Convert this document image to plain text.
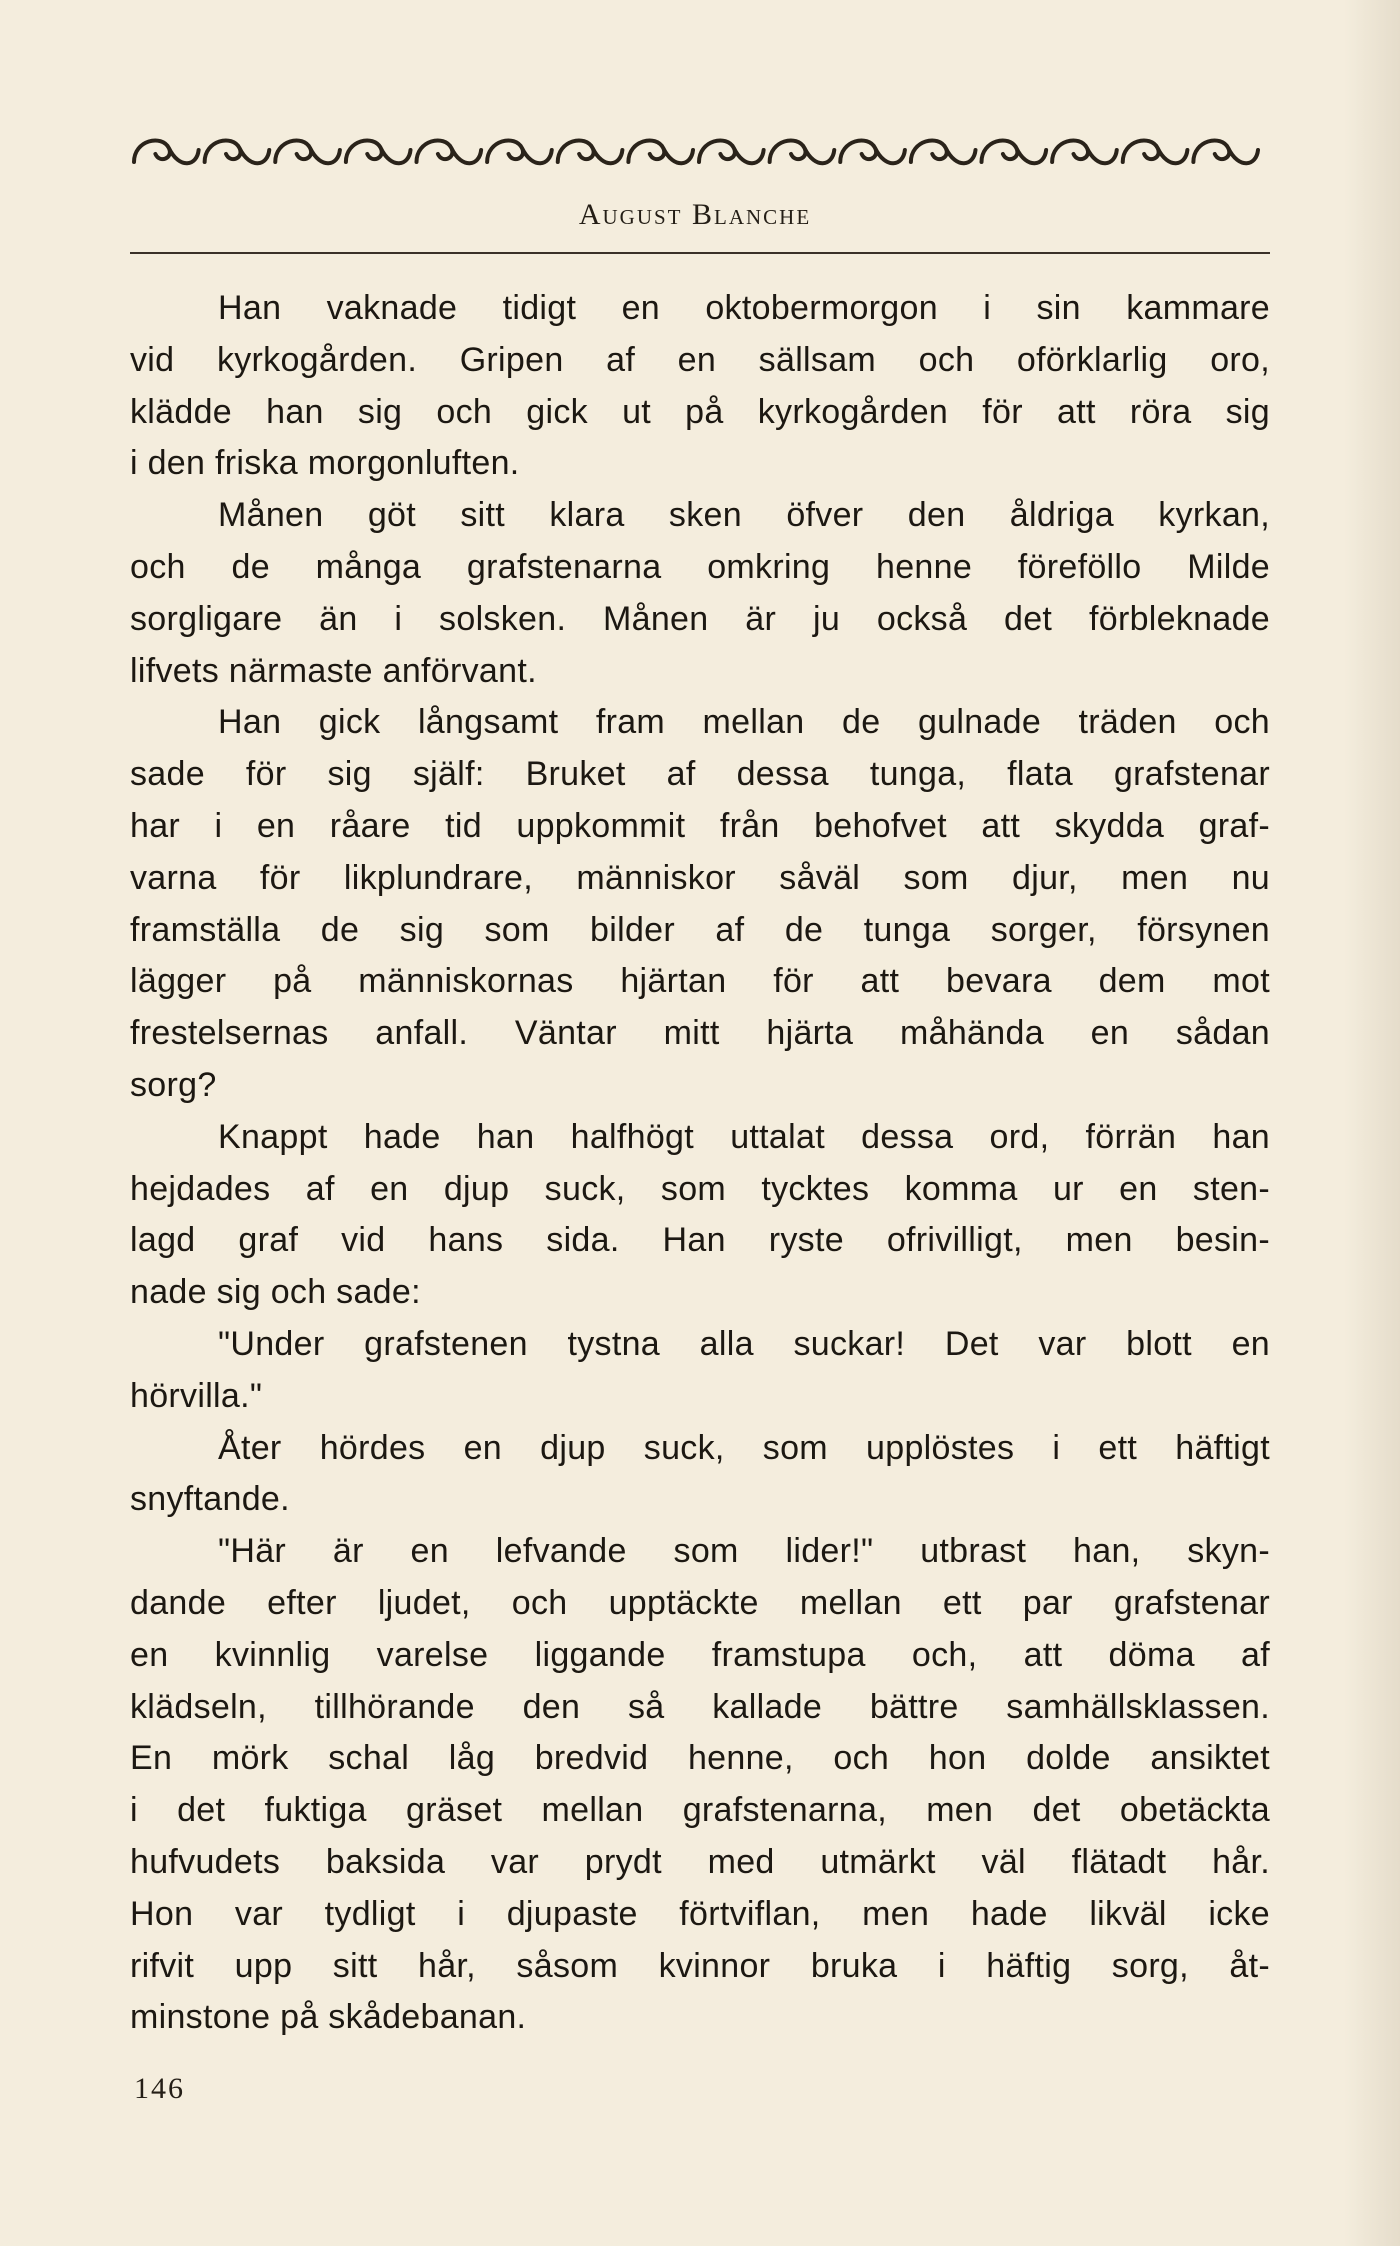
August Blanche
Han vaknade tidigt en oktobermorgon i sin kammare
vid kyrkogården. Gripen af en sällsam och oförklarlig oro,
klädde han sig och gick ut på kyrkogården för att röra sig
i den friska morgonluften.
Månen göt sitt klara sken öfver den åldriga kyrkan,
och de många grafstenarna omkring henne föreföllo Milde
sorgligare än i solsken. Månen är ju också det förbleknade
lifvets närmaste anförvant.
Han gick långsamt fram mellan de gulnade träden och
sade för sig själf: Bruket af dessa tunga, flata grafstenar
har i en råare tid uppkommit från behofvet att skydda graf-
varna för likplundrare, människor såväl som djur, men nu
framställa de sig som bilder af de tunga sorger, försynen
lägger på människornas hjärtan för att bevara dem mot
frestelsernas anfall. Väntar mitt hjärta måhända en sådan
sorg?
Knappt hade han halfhögt uttalat dessa ord, förrän han
hejdades af en djup suck, som tycktes komma ur en sten-
lagd graf vid hans sida. Han ryste ofrivilligt, men besin-
nade sig och sade:
"Under grafstenen tystna alla suckar! Det var blott en
hörvilla."
Åter hördes en djup suck, som upplöstes i ett häftigt
snyftande.
"Här är en lefvande som lider!" utbrast han, skyn-
dande efter ljudet, och upptäckte mellan ett par grafstenar
en kvinnlig varelse liggande framstupa och, att döma af
klädseln, tillhörande den så kallade bättre samhällsklassen.
En mörk schal låg bredvid henne, och hon dolde ansiktet
i det fuktiga gräset mellan grafstenarna, men det obetäckta
hufvudets baksida var prydt med utmärkt väl flätadt hår.
Hon var tydligt i djupaste förtviflan, men hade likväl icke
rifvit upp sitt hår, såsom kvinnor bruka i häftig sorg, åt-
minstone på skådebanan.
146
